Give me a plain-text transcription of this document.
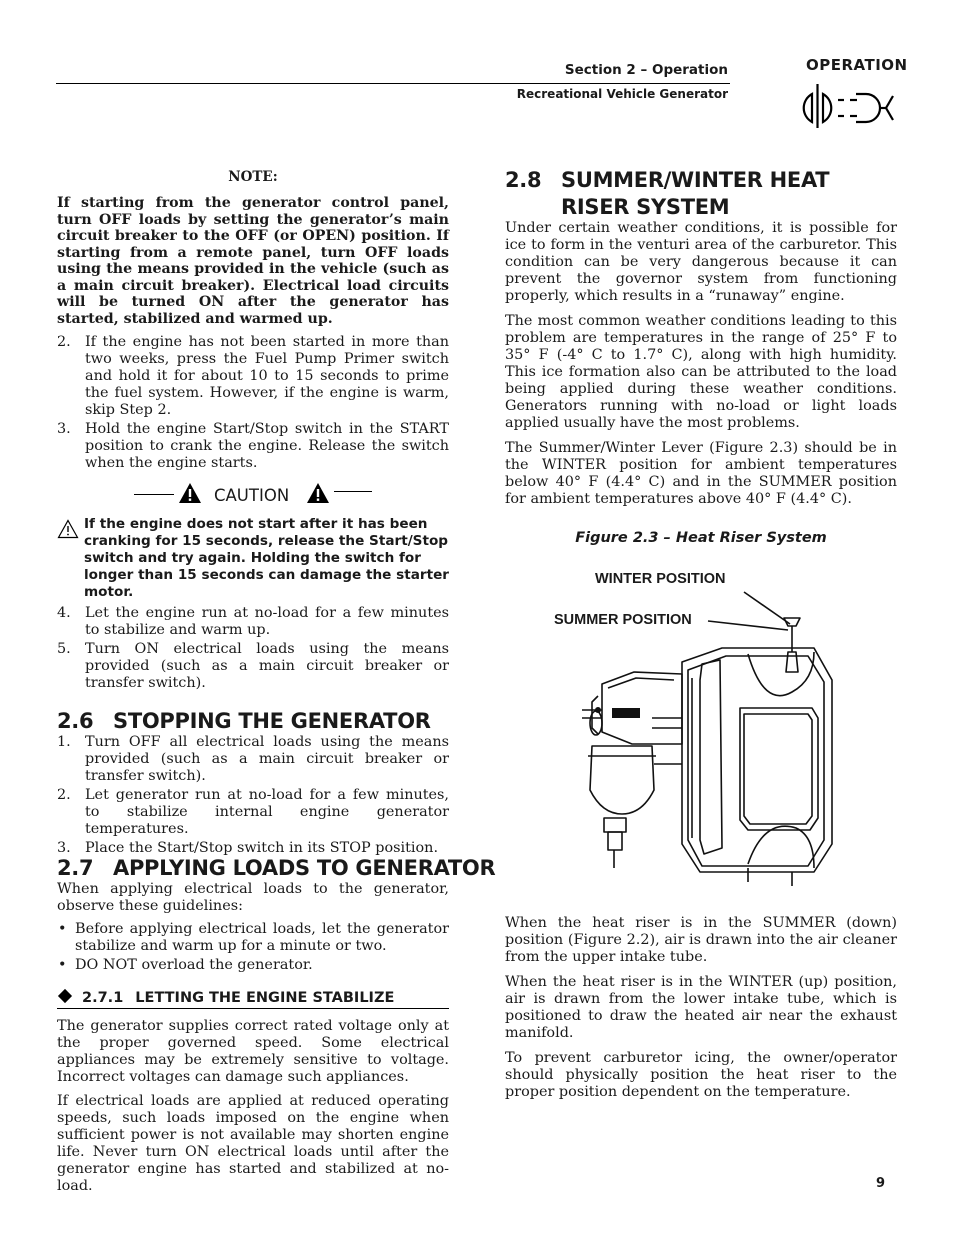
Section 2 – Operation
Recreational Vehicle Generator
OPERATION
NOTE:
If starting from the generator control panel, turn OFF loads by setting the generator’s main circuit breaker to the OFF (or OPEN) position. If starting from a remote panel, turn OFF loads using the means provided in the vehicle (such as a main circuit breaker). Electrical load circuits will be turned ON after the generator has started, stabilized and warmed up.
2. If the engine has not been started in more than two weeks, press the Fuel Pump Primer switch and hold it for about 10 to 15 seconds to prime the fuel system. However, if the engine is warm, skip Step 2.
3. Hold the engine Start/Stop switch in the START position to crank the engine. Release the switch when the engine starts.
CAUTION
If the engine does not start after it has been cranking for 15 seconds, release the Start/Stop switch and try again. Holding the switch for longer than 15 seconds can damage the starter motor.
4. Let the engine run at no-load for a few minutes to stabilize and warm up.
5. Turn ON electrical loads using the means provided (such as a main circuit breaker or transfer switch).
2.6 STOPPING THE GENERATOR
1. Turn OFF all electrical loads using the means provided (such as a main circuit breaker or transfer switch).
2. Let generator run at no-load for a few minutes, to stabilize internal engine generator temperatures.
3. Place the Start/Stop switch in its STOP position.
2.7 APPLYING LOADS TO GENERATOR

When applying electrical loads to the generator, observe these guidelines:

• Before applying electrical loads, let the generator stabilize and warm up for a minute or two.
• DO NOT overload the generator.
2.7.1 LETTING THE ENGINE STABILIZE

The generator supplies correct rated voltage only at the proper governed speed. Some electrical appliances may be extremely sensitive to voltage. Incorrect voltages can damage such appliances.

If electrical loads are applied at reduced operating speeds, such loads imposed on the engine when sufficient power is not available may shorten engine life. Never turn ON electrical loads until after the generator engine has started and stabilized at no-load.

2.8 SUMMER/WINTER HEAT
RISER SYSTEM

Under certain weather conditions, it is possible for ice to form in the venturi area of the carburetor. This condition can be very dangerous because it can prevent the governor system from functioning properly, which results in a “runaway” engine.

The most common weather conditions leading to this problem are temperatures in the range of 25° F to 35° F (-4° C to 1.7° C), along with high humidity. This ice formation also can be attributed to the load being applied during these weather conditions. Generators running with no-load or light loads applied usually have the most problems.

The Summer/Winter Lever (Figure 2.3) should be in the WINTER position for ambient temperatures below 40° F (4.4° C) and in the SUMMER position for ambient temperatures above 40° F (4.4° C).

Figure 2.3 – Heat Riser System
WINTER POSITION
SUMMER POSITION

When the heat riser is in the SUMMER (down) position (Figure 2.2), air is drawn into the air cleaner from the upper intake tube.

When the heat riser is in the WINTER (up) position, air is drawn from the lower intake tube, which is positioned to draw the heated air near the exhaust manifold.

To prevent carburetor icing, the owner/operator should physically position the heat riser to the proper position dependent on the temperature.

9
